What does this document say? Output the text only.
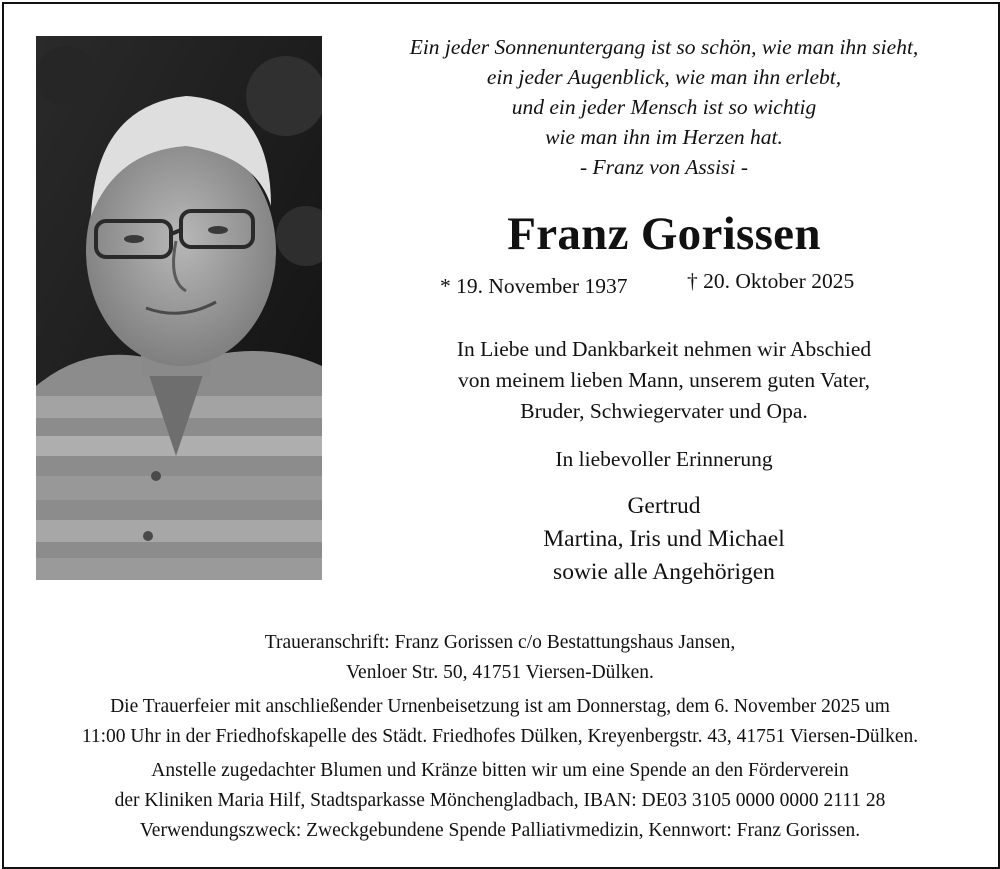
Ein jeder Sonnenuntergang ist so schön, wie man ihn sieht,
ein jeder Augenblick, wie man ihn erlebt,
und ein jeder Mensch ist so wichtig
wie man ihn im Herzen hat.
- Franz von Assisi -
Franz Gorissen
* 19. November 1937	† 20. Oktober 2025
In Liebe und Dankbarkeit nehmen wir Abschied
von meinem lieben Mann, unserem guten Vater,
Bruder, Schwiegervater und Opa.
In liebevoller Erinnerung
Gertrud
Martina, Iris und Michael
sowie alle Angehörigen
Traueranschrift: Franz Gorissen c/o Bestattungshaus Jansen,
Venloer Str. 50, 41751 Viersen-Dülken.
Die Trauerfeier mit anschließender Urnenbeisetzung ist am Donnerstag, dem 6. November 2025 um
11:00 Uhr in der Friedhofskapelle des Städt. Friedhofes Dülken, Kreyenbergstr. 43, 41751 Viersen-Dülken.
Anstelle zugedachter Blumen und Kränze bitten wir um eine Spende an den Förderverein
der Kliniken Maria Hilf, Stadtsparkasse Mönchengladbach, IBAN: DE03 3105 0000 0000 2111 28
Verwendungszweck: Zweckgebundene Spende Palliativmedizin, Kennwort: Franz Gorissen.
